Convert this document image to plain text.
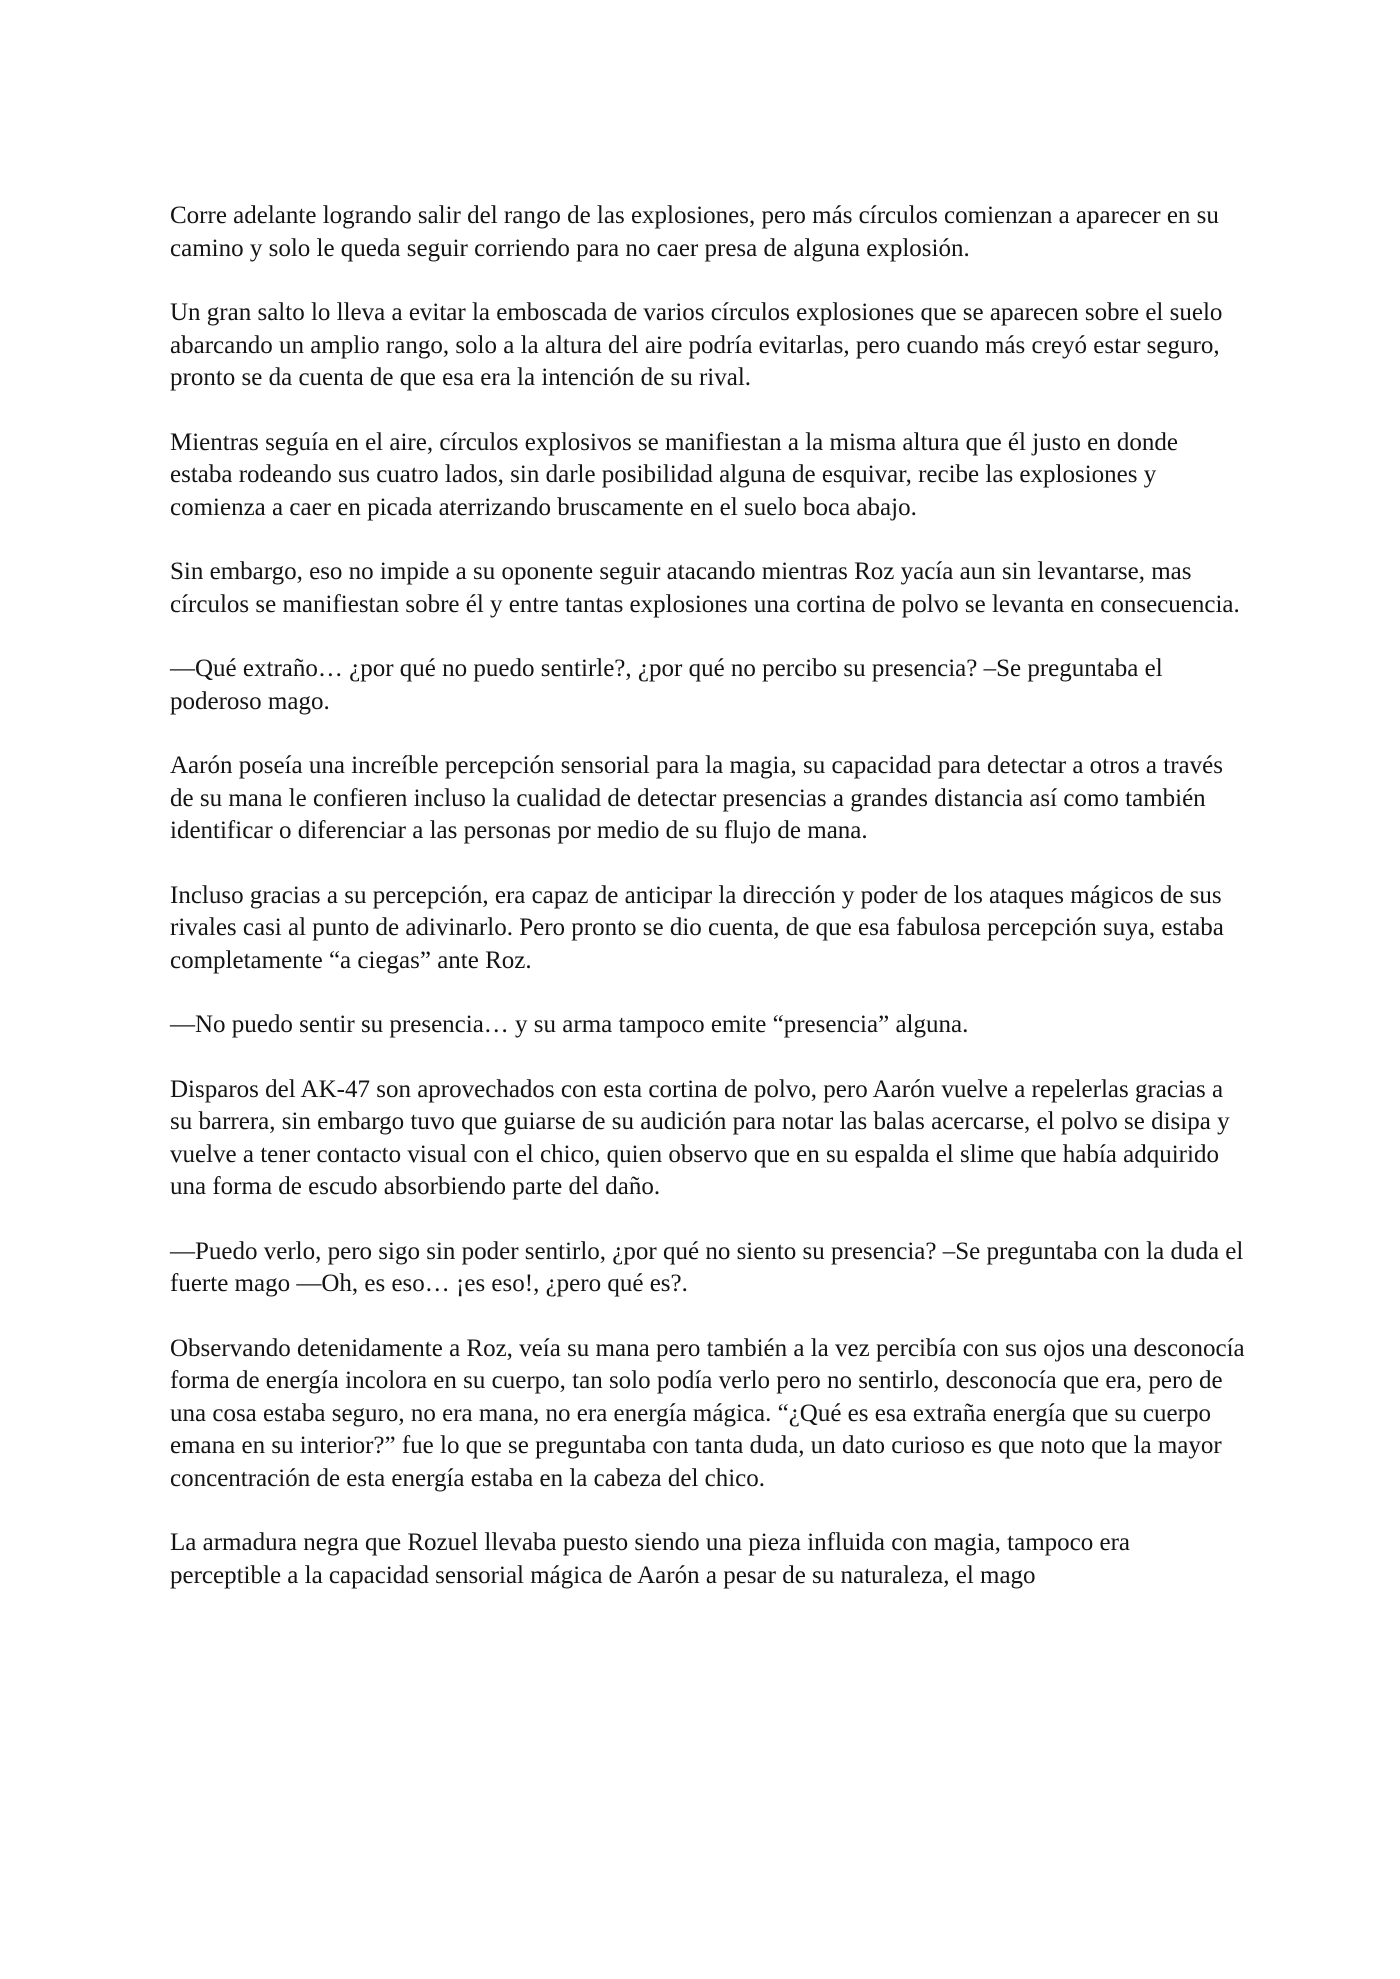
Corre adelante logrando salir del rango de las explosiones, pero más círculos comienzan a aparecer en su camino y solo le queda seguir corriendo para no caer presa de alguna explosión.

Un gran salto lo lleva a evitar la emboscada de varios círculos explosiones que se aparecen sobre el suelo abarcando un amplio rango, solo a la altura del aire podría evitarlas, pero cuando más creyó estar seguro, pronto se da cuenta de que esa era la intención de su rival.

Mientras seguía en el aire, círculos explosivos se manifiestan a la misma altura que él justo en donde estaba rodeando sus cuatro lados, sin darle posibilidad alguna de esquivar, recibe las explosiones y comienza a caer en picada aterrizando bruscamente en el suelo boca abajo.

Sin embargo, eso no impide a su oponente seguir atacando mientras Roz yacía aun sin levantarse, mas círculos se manifiestan sobre él y entre tantas explosiones una cortina de polvo se levanta en consecuencia.

—Qué extraño… ¿por qué no puedo sentirle?, ¿por qué no percibo su presencia? –Se preguntaba el poderoso mago.

Aarón poseía una increíble percepción sensorial para la magia, su capacidad para detectar a otros a través de su mana le confieren incluso la cualidad de detectar presencias a grandes distancia así como también identificar o diferenciar a las personas por medio de su flujo de mana.

Incluso gracias a su percepción, era capaz de anticipar la dirección y poder de los ataques mágicos de sus rivales casi al punto de adivinarlo. Pero pronto se dio cuenta, de que esa fabulosa percepción suya, estaba completamente “a ciegas” ante Roz.

—No puedo sentir su presencia… y su arma tampoco emite “presencia” alguna.

Disparos del AK-47 son aprovechados con esta cortina de polvo, pero Aarón vuelve a repelerlas gracias a su barrera, sin embargo tuvo que guiarse de su audición para notar las balas acercarse, el polvo se disipa y vuelve a tener contacto visual con el chico, quien observo que en su espalda el slime que había adquirido una forma de escudo absorbiendo parte del daño.

—Puedo verlo, pero sigo sin poder sentirlo, ¿por qué no siento su presencia? –Se preguntaba con la duda el fuerte mago —Oh, es eso… ¡es eso!, ¿pero qué es?.

Observando detenidamente a Roz, veía su mana pero también a la vez percibía con sus ojos una desconocía forma de energía incolora en su cuerpo, tan solo podía verlo pero no sentirlo, desconocía que era, pero de una cosa estaba seguro, no era mana, no era energía mágica. “¿Qué es esa extraña energía que su cuerpo emana en su interior?” fue lo que se preguntaba con tanta duda, un dato curioso es que noto que la mayor concentración de esta energía estaba en la cabeza del chico.

La armadura negra que Rozuel llevaba puesto siendo una pieza influida con magia, tampoco era perceptible a la capacidad sensorial mágica de Aarón a pesar de su naturaleza, el mago
